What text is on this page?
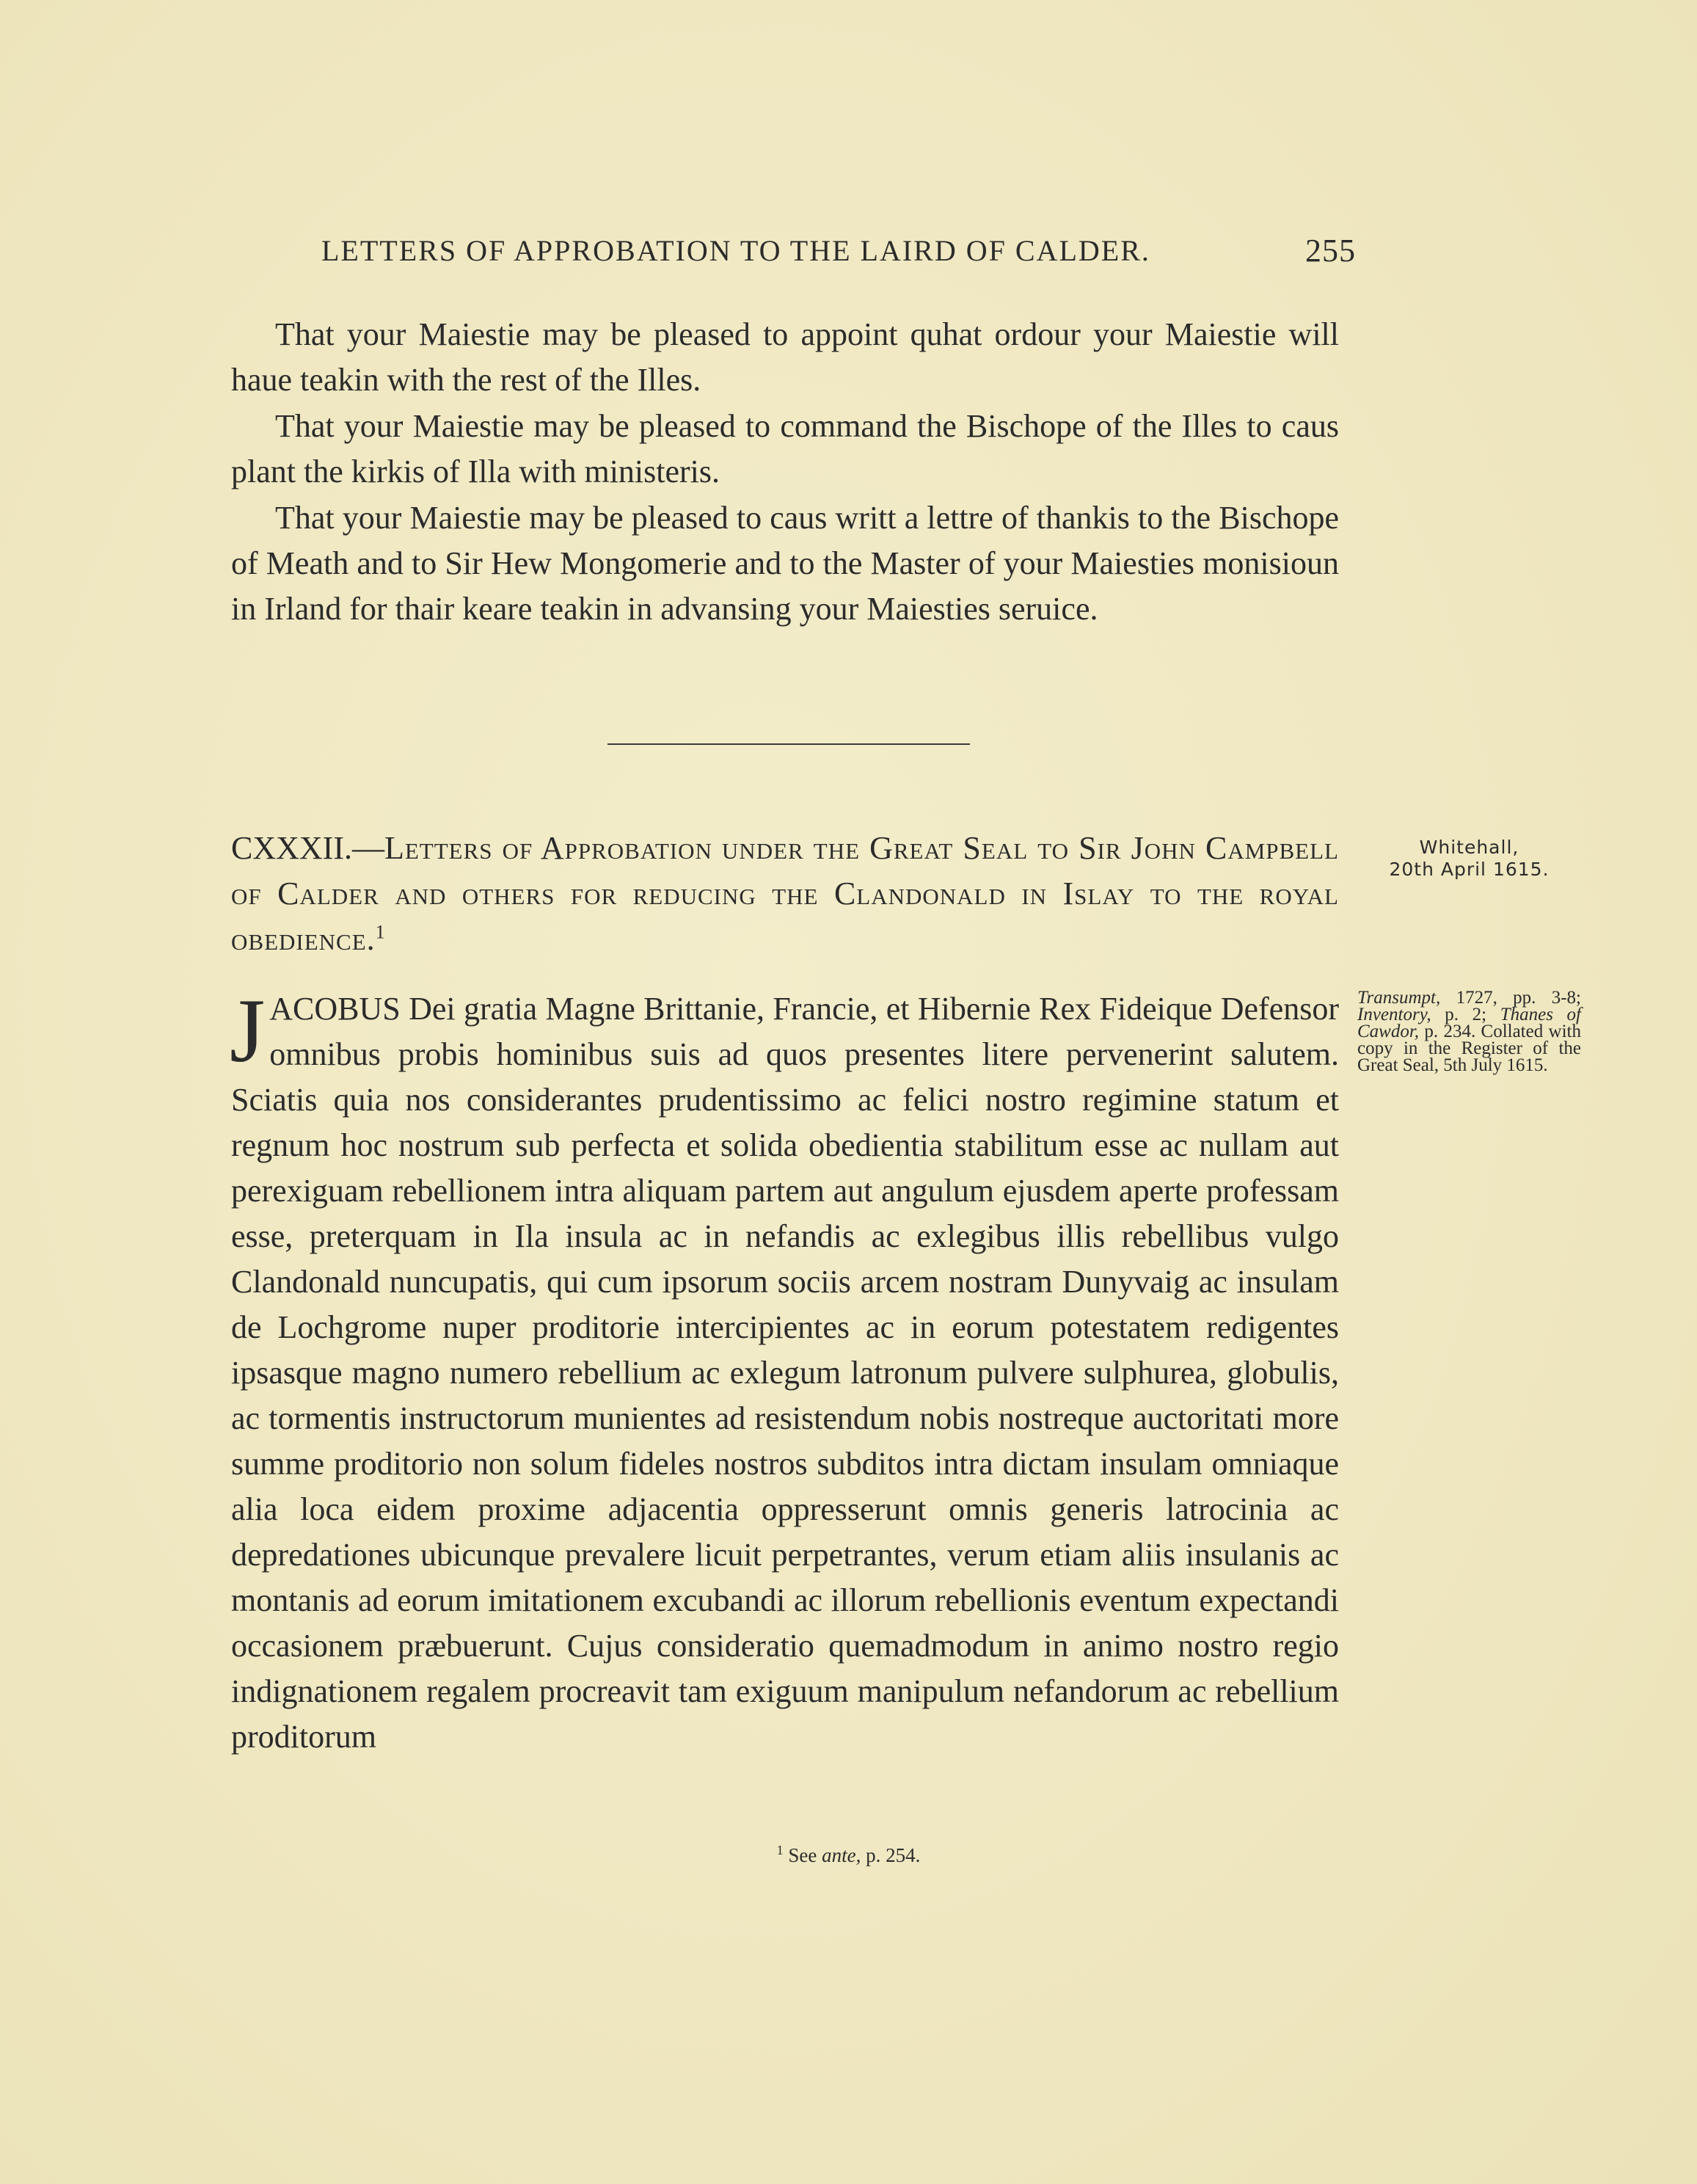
LETTERS OF APPROBATION TO THE LAIRD OF CALDER.	255

That your Maiestie may be pleased to appoint quhat ordour your Maiestie will haue teakin with the rest of the Illes.

That your Maiestie may be pleased to command the Bischope of the Illes to caus plant the kirkis of Illa with ministeris.

That your Maiestie may be pleased to caus writt a lettre of thankis to the Bischope of Meath and to Sir Hew Mongomerie and to the Master of your Maiesties monisioun in Irland for thair keare teakin in advansing your Maiesties seruice.

CXXXII.—Letters of Approbation under the Great Seal to Sir John Campbell of Calder and others for reducing the Clandonald in Islay to the royal obedience.$^1$

Whitehall,
20th April 1615.

Transumpt, 1727, pp. 3-8; Inventory, p. 2; Thanes of Cawdor, p. 234. Collated with copy in the Register of the Great Seal, 5th July 1615.

JACOBUS Dei gratia Magne Brittanie, Francie, et Hibernie Rex Fideique Defensor omnibus probis hominibus suis ad quos presentes litere pervenerint salutem. Sciatis quia nos considerantes prudentissimo ac felici nostro regimine statum et regnum hoc nostrum sub perfecta et solida obedientia stabilitum esse ac nullam aut perexiguam rebellionem intra aliquam partem aut angulum ejusdem aperte professam esse, preterquam in Ila insula ac in nefandis ac exlegibus illis rebellibus vulgo Clandonald nuncupatis, qui cum ipsorum sociis arcem nostram Dunyvaig ac insulam de Lochgrome nuper proditorie intercipientes ac in eorum potestatem redigentes ipsasque magno numero rebellium ac exlegum latronum pulvere sulphurea, globulis, ac tormentis instructorum munientes ad resistendum nobis nostreque auctoritati more summe proditorio non solum fideles nostros subditos intra dictam insulam omniaque alia loca eidem proxime adjacentia oppresserunt omnis generis latrocinia ac depredationes ubicunque prevalere licuit perpetrantes, verum etiam aliis insulanis ac montanis ad eorum imitationem excubandi ac illorum rebellionis eventum expectandi occasionem præbuerunt. Cujus consideratio quemadmodum in animo nostro regio indignationem regalem procreavit tam exiguum manipulum nefandorum ac rebellium proditorum

$^1$ See ante, p. 254.
